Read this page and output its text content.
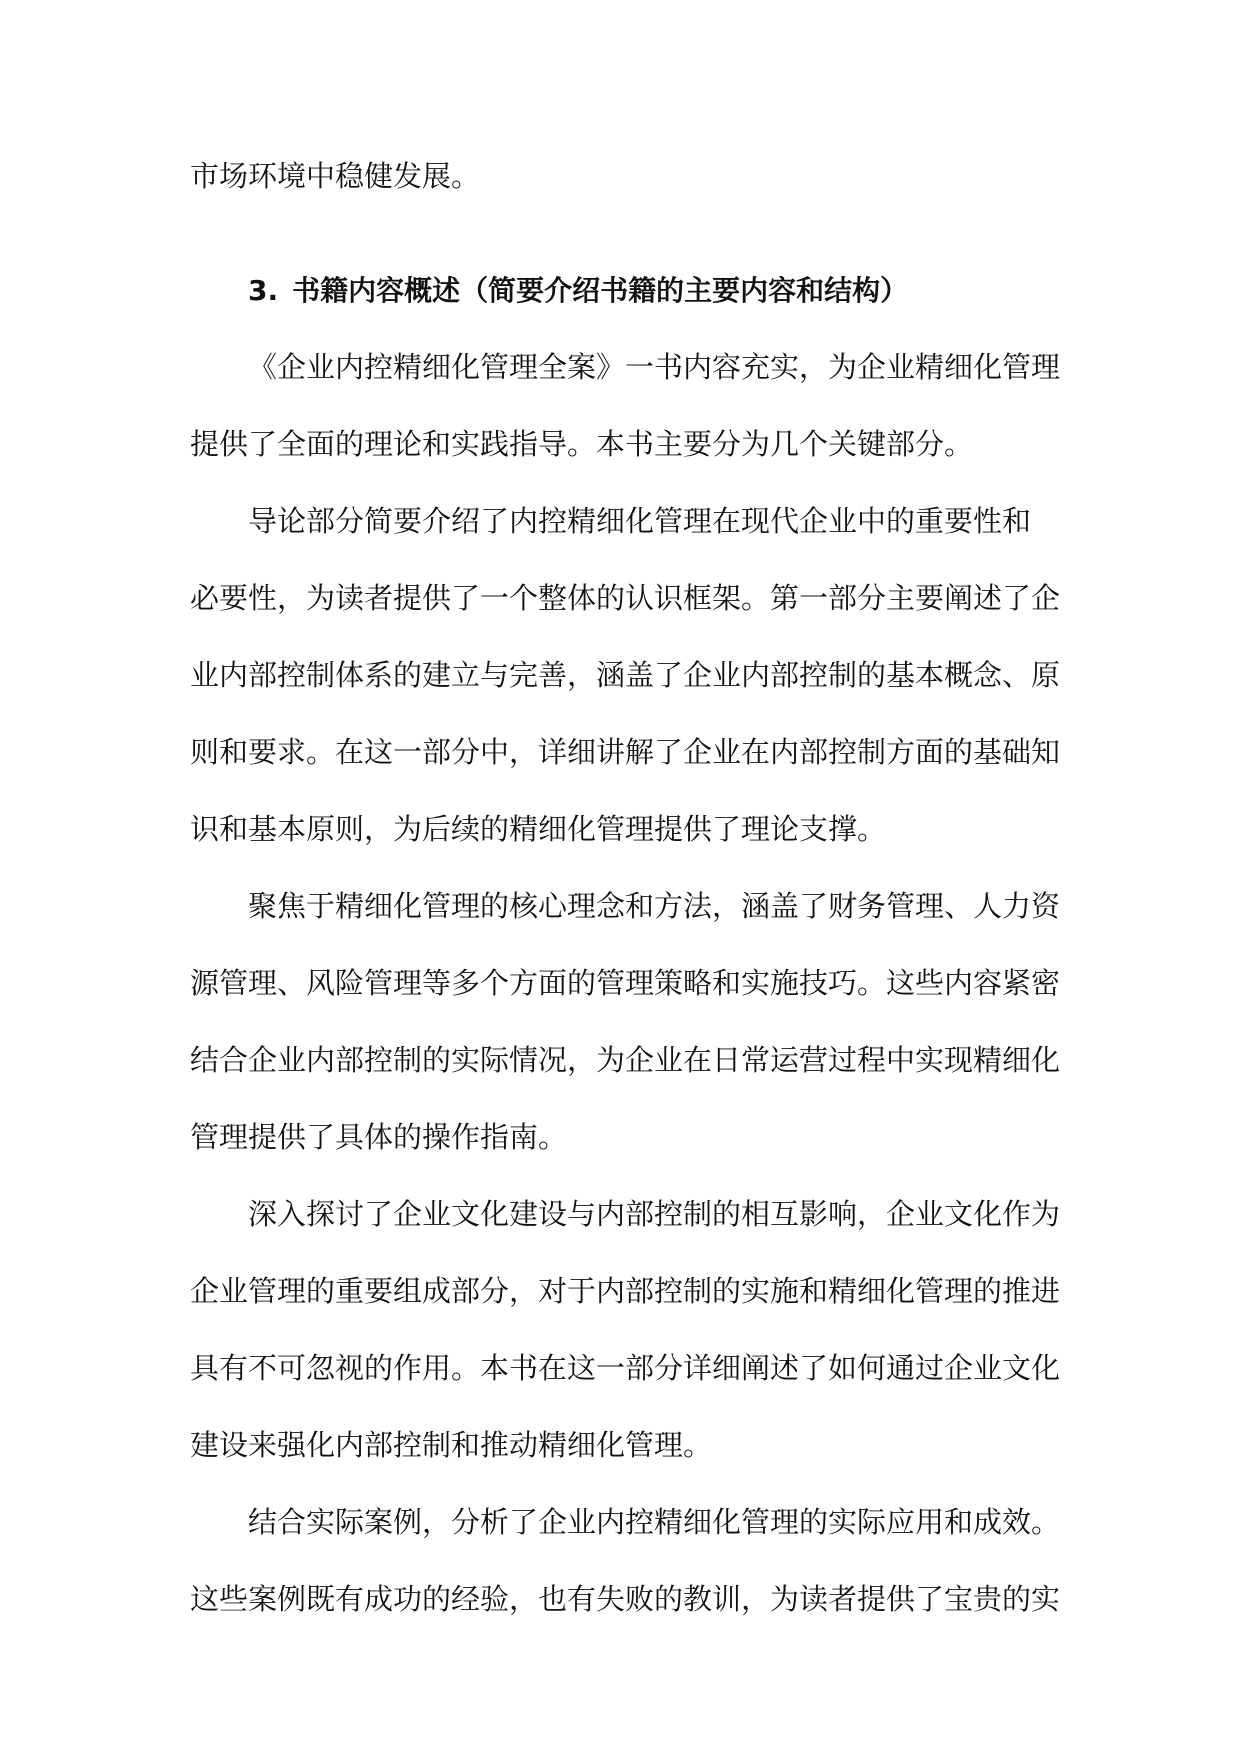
市场环境中稳健发展。
3. 书籍内容概述（简要介绍书籍的主要内容和结构）
《企业内控精细化管理全案》一书内容充实，为企业精细化管理
提供了全面的理论和实践指导。本书主要分为几个关键部分。
导论部分简要介绍了内控精细化管理在现代企业中的重要性和
必要性，为读者提供了一个整体的认识框架。第一部分主要阐述了企
业内部控制体系的建立与完善，涵盖了企业内部控制的基本概念、原
则和要求。在这一部分中，详细讲解了企业在内部控制方面的基础知
识和基本原则，为后续的精细化管理提供了理论支撑。
聚焦于精细化管理的核心理念和方法，涵盖了财务管理、人力资
源管理、风险管理等多个方面的管理策略和实施技巧。这些内容紧密
结合企业内部控制的实际情况，为企业在日常运营过程中实现精细化
管理提供了具体的操作指南。
深入探讨了企业文化建设与内部控制的相互影响，企业文化作为
企业管理的重要组成部分，对于内部控制的实施和精细化管理的推进
具有不可忽视的作用。本书在这一部分详细阐述了如何通过企业文化
建设来强化内部控制和推动精细化管理。
结合实际案例，分析了企业内控精细化管理的实际应用和成效。
这些案例既有成功的经验，也有失败的教训，为读者提供了宝贵的实
